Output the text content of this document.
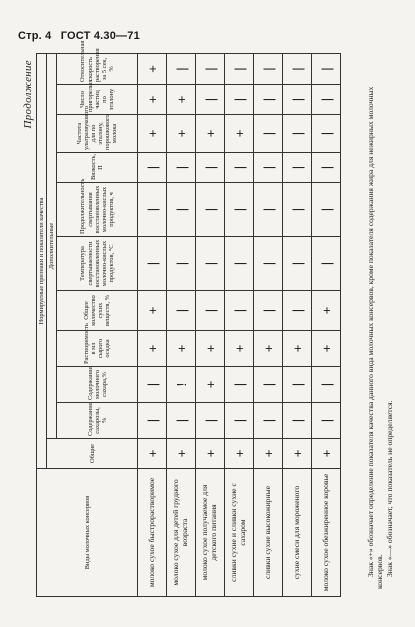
Стр. 4 ГОСТ 4.30—71
Продолжение
Виды молочных консервов	Нормируемые признаки и показатели качества										
	Общие	Дополнительные									
		Содержание сахарозы, %	Содержание молочного сахара,%	Растворимость в мл сырого осадка	Общее количество сухих веществ, %	Температура свертываемости восстановленных молочно-кислых продуктов, °С	Продолжительность свертывания восстановленных молочно-кислых продуктов, ч	Вязкость, П	Частота ультразвукового для по эталону, порошкового молока	Число пригорелых частиц по эталону	Относительная скорость растворения за 5 сек, %
молоко сухое быстрорастворимое	+	|	|	+	+	|	|	|	+	+	+
молоко сухое для детей грудного возраста	+	|	!	+	|	|	|	|	+	+	|
молоко сухое получаемое для детского питания	+	|	+	+	|	|	|	|	+	|	|
сливки сухие и сливки сухие с сахаром	+	|	|	+	|	|	|	|	+	|	|
сливки сухие высокожирные	+	|	|	+	|	|	|	|	|	|	|
сухие смеси для мороженого	+	|	|	+	|	|	|	|	|	|	|
молоко сухое обезжиренное коровье	+	|	|	+	+	|	|	|	|	|	|

Знак «+» обозначает определение показателя качества данного вида молочных консервов, кроме показателя содержания жира для нежирных молочных консервов. Знак «—» обозначает, что показатель не определяется.
